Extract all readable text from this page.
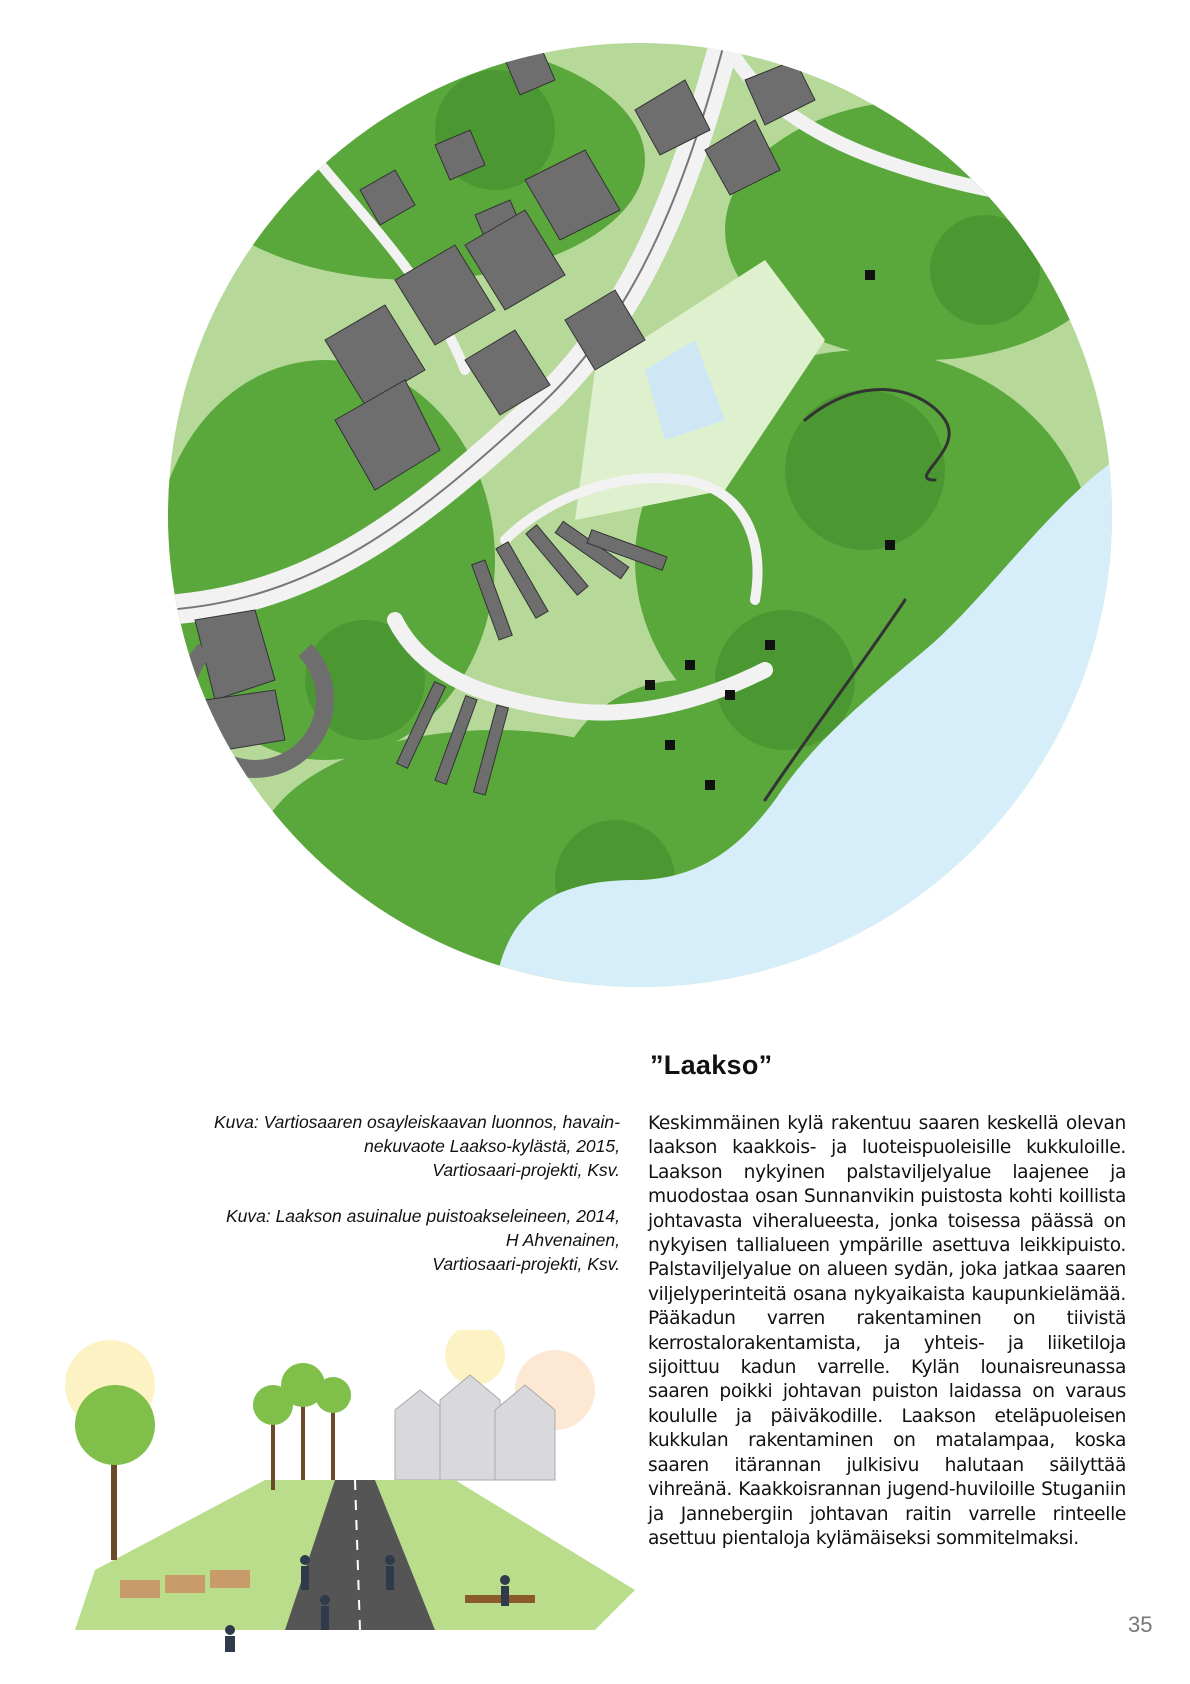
”Laakso”
Kuva: Vartiosaaren osayleiskaavan luonnos, havain-
nekuvaote Laakso-kylästä, 2015,
Vartiosaari-projekti, Ksv.
Kuva: Laakson asuinalue puistoakseleineen, 2014,
H Ahvenainen,
Vartiosaari-projekti, Ksv.
Keskimmäinen kylä rakentuu saaren keskellä olevan laakson kaakkois- ja luoteispuoleisille kukkuloille. Laakson nykyinen palstaviljelyalue laajenee ja muodostaa osan Sunnanvikin puistosta kohti koillista johtavasta viheralueesta, jonka toisessa päässä on nykyisen tallialueen ympärille asettuva leikkipuisto. Palstaviljelyalue on alueen sydän, joka jatkaa saaren viljelyperinteitä osana nykyaikaista kaupunkielämää. Pääkadun varren rakentaminen on tiivistä kerrostalorakentamista, ja yhteis- ja liiketiloja sijoittuu kadun varrelle. Kylän lounaisreunassa saaren poikki johtavan puiston laidassa on varaus koululle ja päiväkodille. Laakson eteläpuoleisen kukkulan rakentaminen on matalampaa, koska saaren itärannan julkisivu halutaan säilyttää vihreänä. Kaakkoisrannan jugend-huviloille Stuganiin ja Jannebergiin johtavan raitin varrelle rinteelle asettuu pientaloja kylämäiseksi sommitelmaksi.
35
